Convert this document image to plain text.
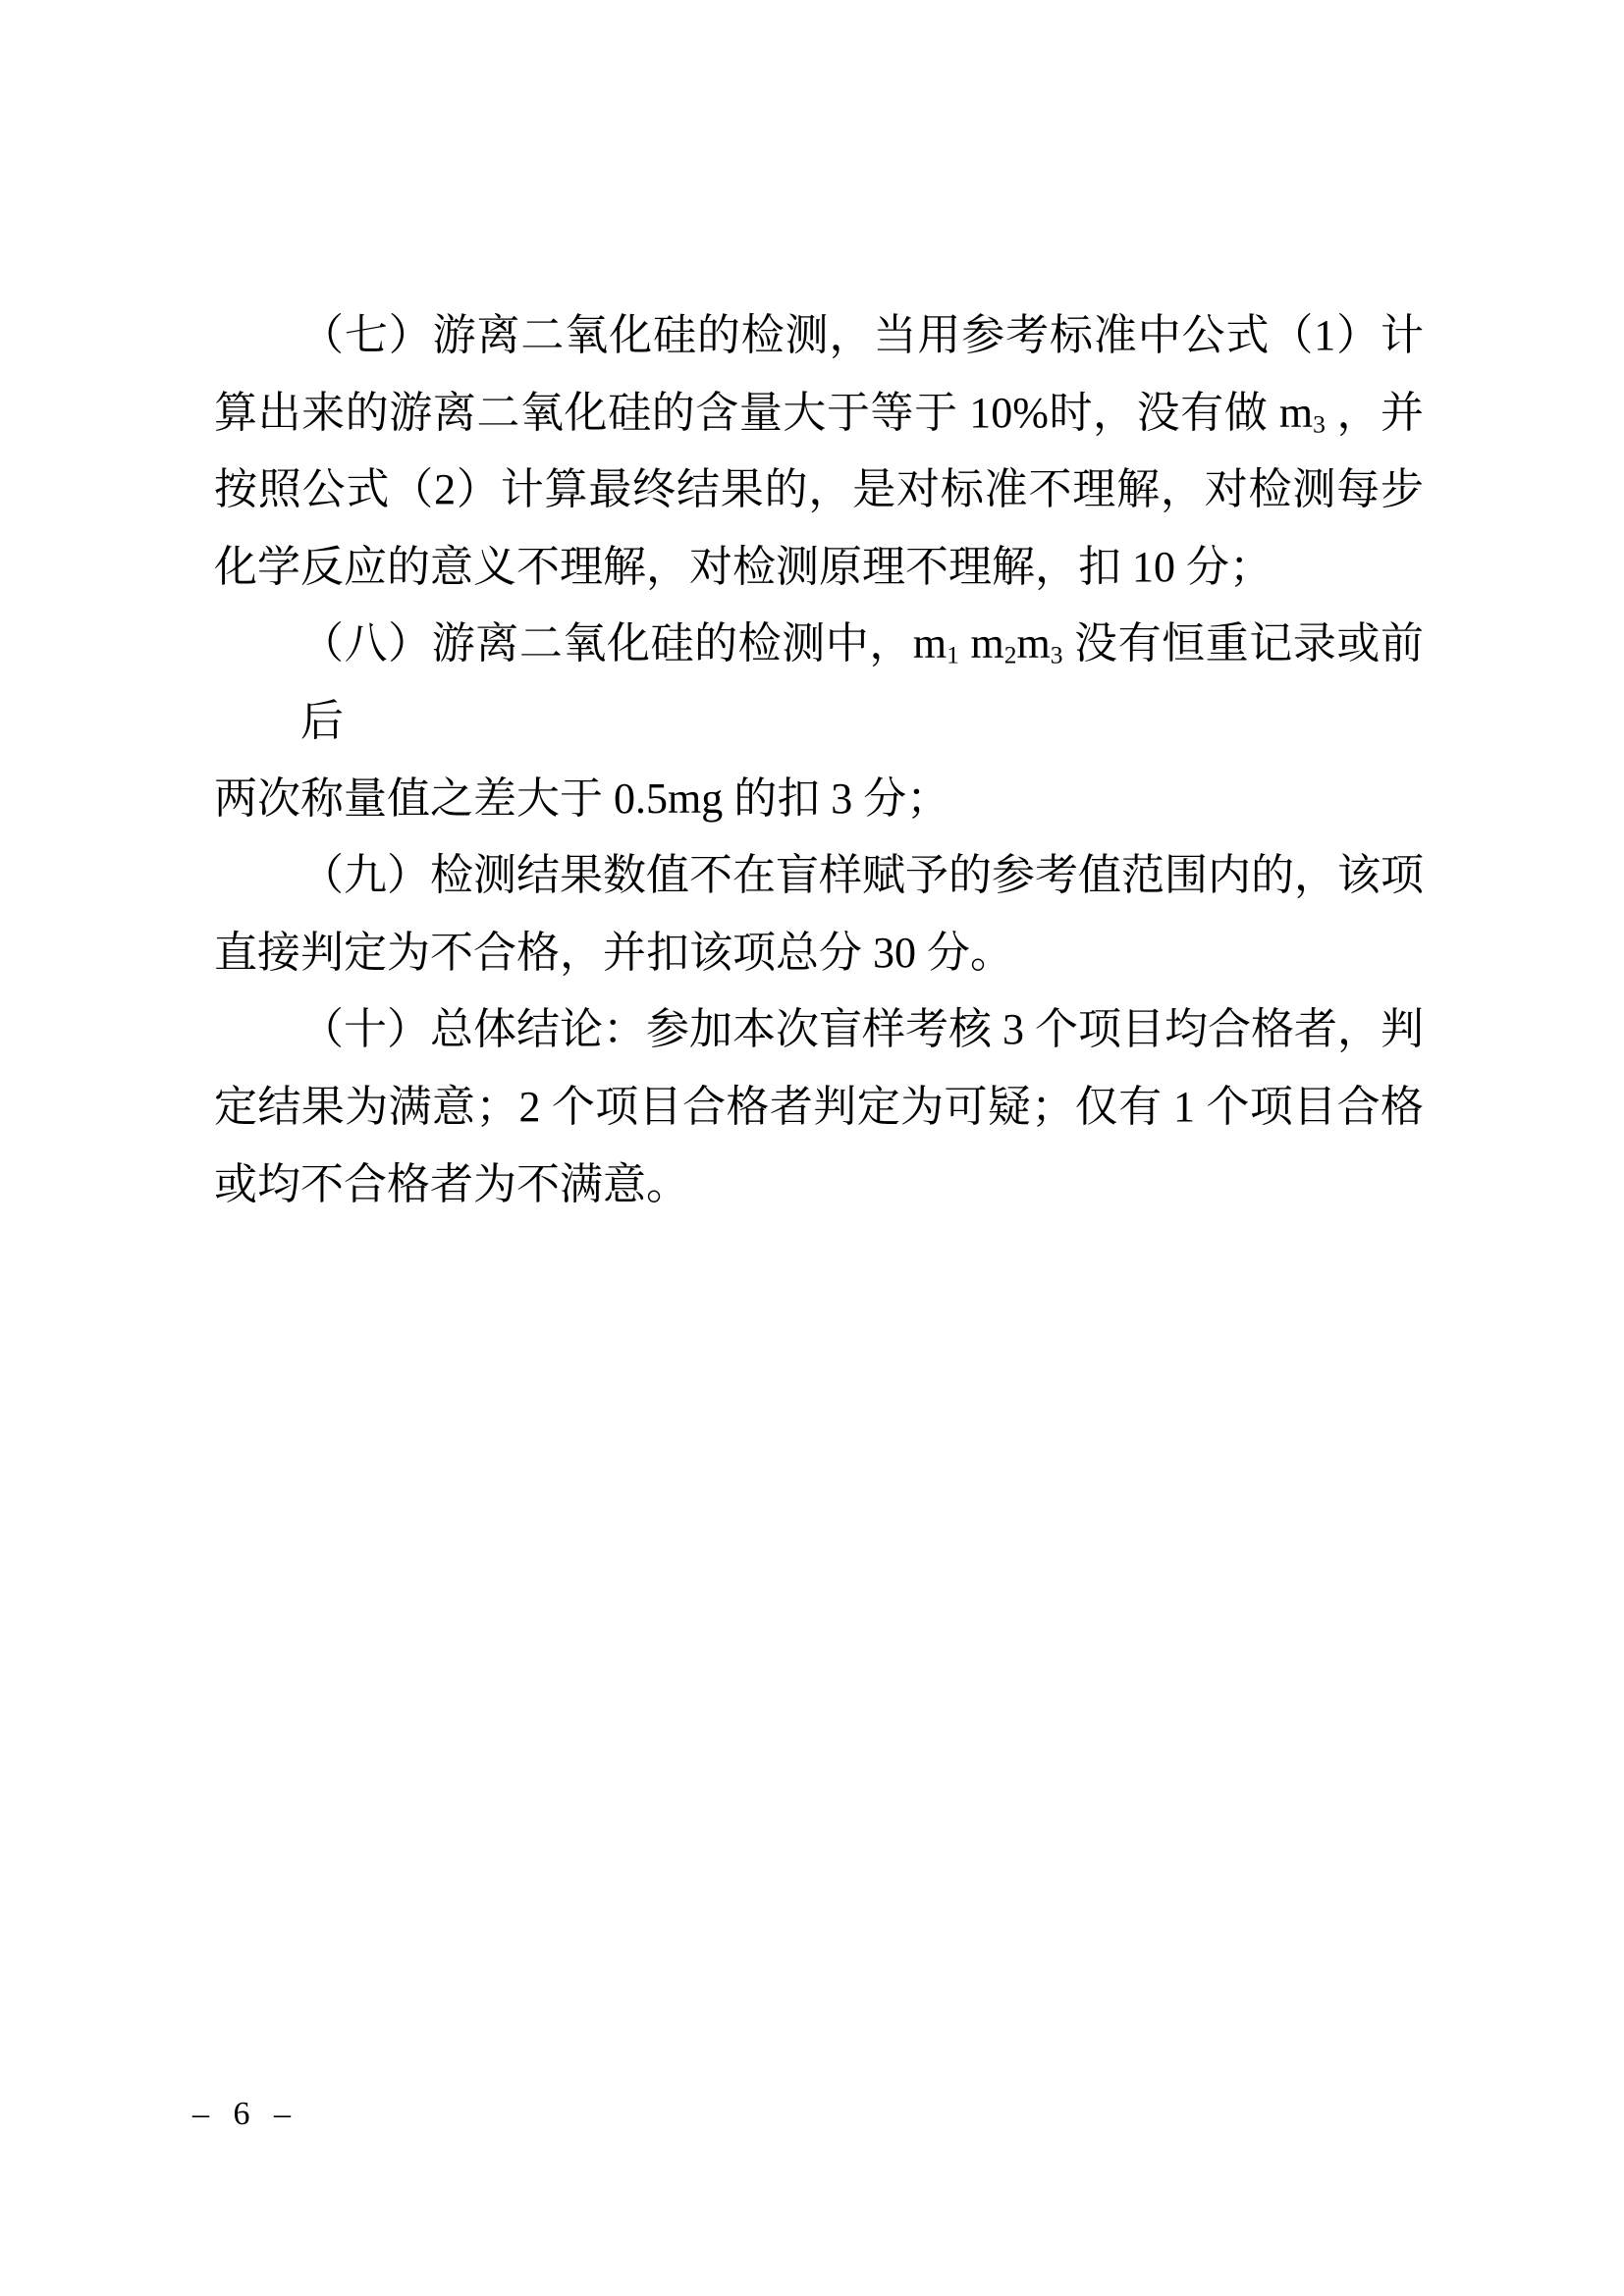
（七）游离二氧化硅的检测，当用参考标准中公式（1）计
算出来的游离二氧化硅的含量大于等于 10%时，没有做 $m_3$ ，并
按照公式（2）计算最终结果的，是对标准不理解，对检测每步
化学反应的意义不理解，对检测原理不理解，扣 10 分；
（八）游离二氧化硅的检测中，$m_1$ $m_2m_3$ 没有恒重记录或前后
两次称量值之差大于 0.5mg 的扣 3 分；
（九）检测结果数值不在盲样赋予的参考值范围内的，该项
直接判定为不合格，并扣该项总分 30 分。
（十）总体结论：参加本次盲样考核 3 个项目均合格者，判
定结果为满意；2 个项目合格者判定为可疑；仅有 1 个项目合格
或均不合格者为不满意。
– 6 –
